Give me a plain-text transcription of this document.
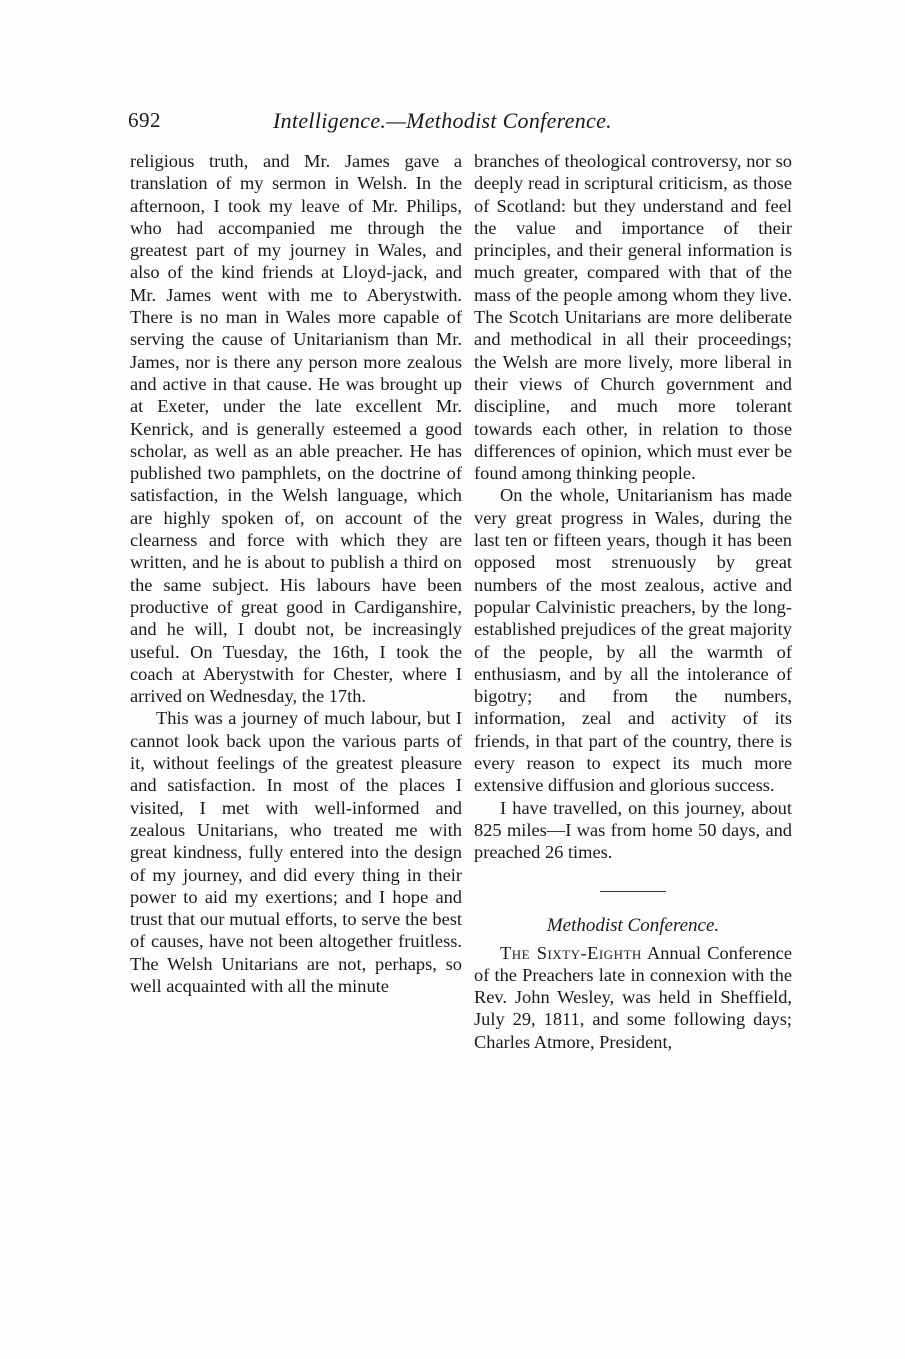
692	Intelligence.—Methodist Conference.

religious truth, and Mr. James gave a translation of my sermon in Welsh. In the afternoon, I took my leave of Mr. Philips, who had accompanied me through the greatest part of my journey in Wales, and also of the kind friends at Lloyd-jack, and Mr. James went with me to Aberystwith. There is no man in Wales more capable of serving the cause of Unitarianism than Mr. James, nor is there any person more zealous and active in that cause. He was brought up at Exeter, under the late excellent Mr. Kenrick, and is generally esteemed a good scholar, as well as an able preacher. He has published two pamphlets, on the doctrine of satisfaction, in the Welsh language, which are highly spoken of, on account of the clearness and force with which they are written, and he is about to publish a third on the same subject. His labours have been productive of great good in Cardiganshire, and he will, I doubt not, be increasingly useful. On Tuesday, the 16th, I took the coach at Aberystwith for Chester, where I arrived on Wednesday, the 17th.

This was a journey of much labour, but I cannot look back upon the various parts of it, without feelings of the greatest pleasure and satisfaction. In most of the places I visited, I met with well-informed and zealous Unitarians, who treated me with great kindness, fully entered into the design of my journey, and did every thing in their power to aid my exertions; and I hope and trust that our mutual efforts, to serve the best of causes, have not been altogether fruitless. The Welsh Unitarians are not, perhaps, so well acquainted with all the minute

branches of theological controversy, nor so deeply read in scriptural criticism, as those of Scotland: but they understand and feel the value and importance of their principles, and their general information is much greater, compared with that of the mass of the people among whom they live. The Scotch Unitarians are more deliberate and methodical in all their proceedings; the Welsh are more lively, more liberal in their views of Church government and discipline, and much more tolerant towards each other, in relation to those differences of opinion, which must ever be found among thinking people.

On the whole, Unitarianism has made very great progress in Wales, during the last ten or fifteen years, though it has been opposed most strenuously by great numbers of the most zealous, active and popular Calvinistic preachers, by the long-established prejudices of the great majority of the people, by all the warmth of enthusiasm, and by all the intolerance of bigotry; and from the numbers, information, zeal and activity of its friends, in that part of the country, there is every reason to expect its much more extensive diffusion and glorious success.

I have travelled, on this journey, about 825 miles—I was from home 50 days, and preached 26 times.

Methodist Conference.

The Sixty-Eighth Annual Conference of the Preachers late in connexion with the Rev. John Wesley, was held in Sheffield, July 29, 1811, and some following days; Charles Atmore, President,
